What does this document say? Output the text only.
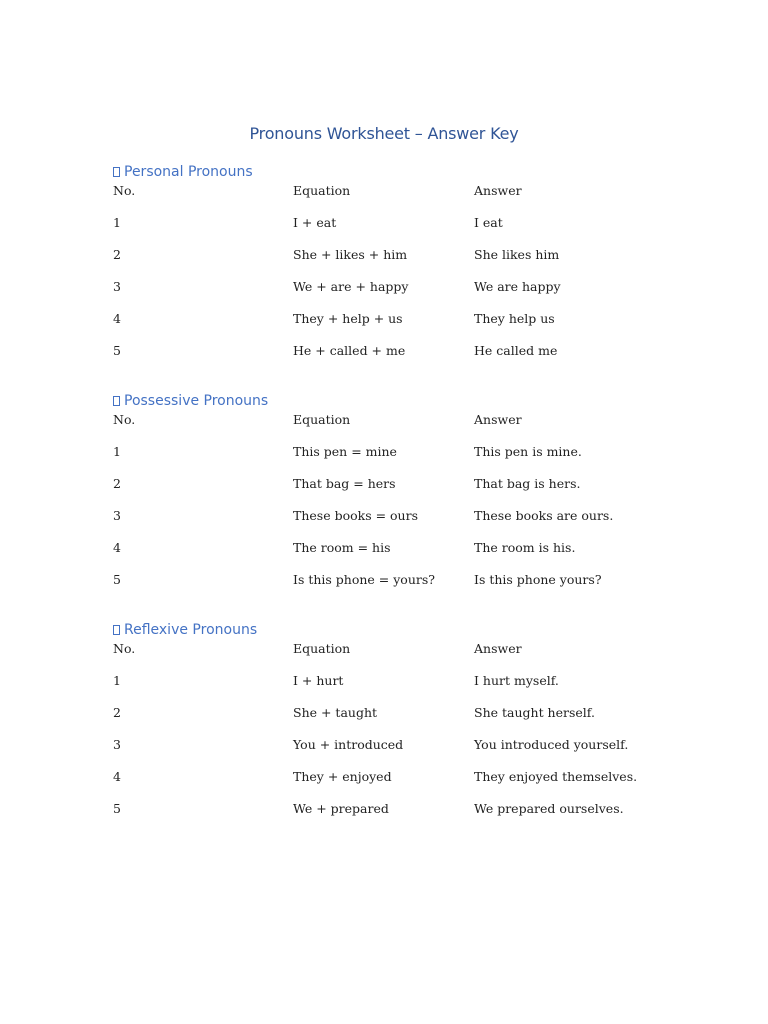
Pronouns Worksheet – Answer Key
Personal Pronouns
No.	Equation	Answer
1	I + eat	I eat
2	She + likes + him	She likes him
3	We + are + happy	We are happy
4	They + help + us	They help us
5	He + called + me	He called me
Possessive Pronouns
No.	Equation	Answer
1	This pen = mine	This pen is mine.
2	That bag = hers	That bag is hers.
3	These books = ours	These books are ours.
4	The room = his	The room is his.
5	Is this phone = yours?	Is this phone yours?
Reflexive Pronouns
No.	Equation	Answer
1	I + hurt	I hurt myself.
2	She + taught	She taught herself.
3	You + introduced	You introduced yourself.
4	They + enjoyed	They enjoyed themselves.
5	We + prepared	We prepared ourselves.
